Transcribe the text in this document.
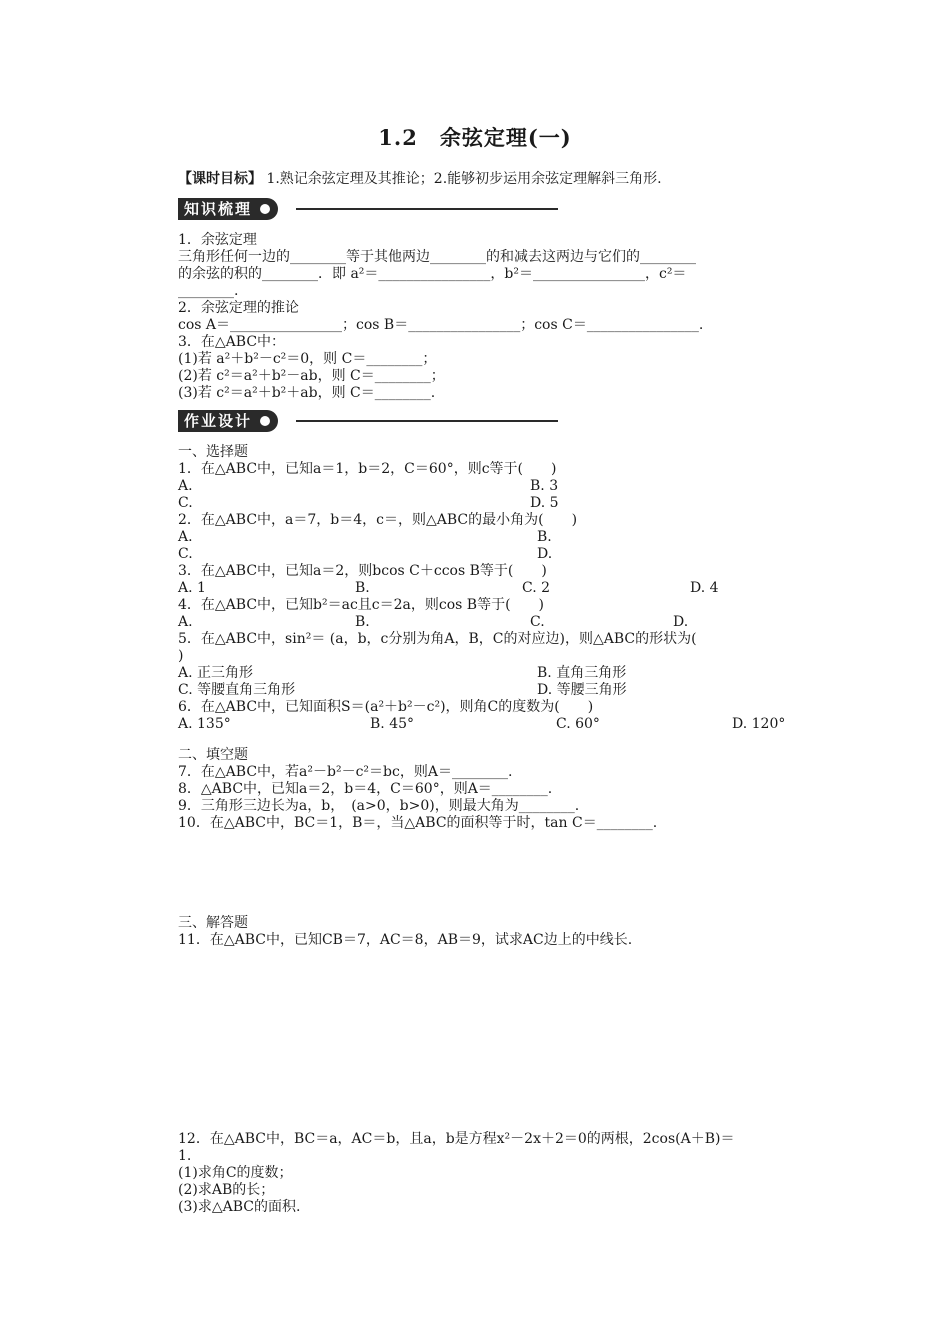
1.2　余弦定理(一)
【课时目标】 1.熟记余弦定理及其推论；2.能够初步运用余弦定理解斜三角形.
知识梳理
1．余弦定理
三角形任何一边的________等于其他两边________的和减去这两边与它们的________
的余弦的积的________．即 a²＝________________，b²＝________________，c²＝
________.
2．余弦定理的推论
cos A＝________________；cos B＝________________；cos C＝________________.
3．在△ABC中：
(1)若 a²＋b²－c²＝0，则 C＝________；
(2)若 c²＝a²＋b²－ab，则 C＝________；
(3)若 c²＝a²＋b²＋ab，则 C＝________.
作业设计
一、选择题
1．在△ABC中，已知a＝1，b＝2，C＝60°，则c等于(　　)
A.	B. 3
C.	D. 5
2．在△ABC中，a＝7，b＝4，c＝，则△ABC的最小角为(　　)
A.	B.
C.	D.
3．在△ABC中，已知a＝2，则bcos C＋ccos B等于(　　)
A. 1	B.	C. 2	D. 4
4．在△ABC中，已知b²＝ac且c＝2a，则cos B等于(　　)
A.	B.	C.	D.
5．在△ABC中，sin²＝ (a，b，c分别为角A，B，C的对应边)，则△ABC的形状为(
)
A. 正三角形	B. 直角三角形
C. 等腰直角三角形	D. 等腰三角形
6．在△ABC中，已知面积S＝(a²＋b²－c²)，则角C的度数为(　　)
A. 135°	B. 45°	C. 60°	D. 120°
二、填空题
7．在△ABC中，若a²－b²－c²＝bc，则A＝________.
8．△ABC中，已知a＝2，b＝4，C＝60°，则A＝________.
9．三角形三边长为a，b，　(a>0，b>0)，则最大角为________.
10．在△ABC中，BC＝1，B＝，当△ABC的面积等于时，tan C＝________.
三、解答题
11．在△ABC中，已知CB＝7，AC＝8，AB＝9，试求AC边上的中线长.
12．在△ABC中，BC＝a，AC＝b，且a，b是方程x²－2x＋2＝0的两根，2cos(A＋B)＝
1.
(1)求角C的度数；
(2)求AB的长；
(3)求△ABC的面积.
